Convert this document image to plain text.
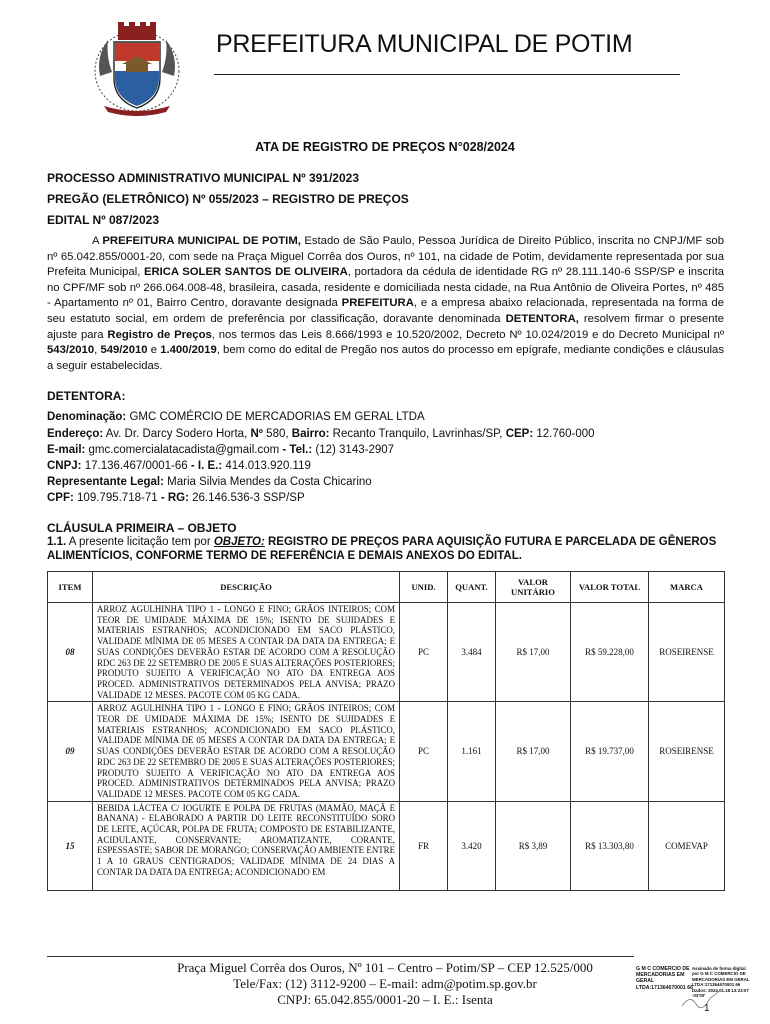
PREFEITURA MUNICIPAL DE POTIM
ATA DE REGISTRO DE PREÇOS N°028/2024
PROCESSO ADMINISTRATIVO MUNICIPAL Nº 391/2023
PREGÃO (ELETRÔNICO) Nº 055/2023 – REGISTRO DE PREÇOS
EDITAL Nº 087/2023
A PREFEITURA MUNICIPAL DE POTIM, Estado de São Paulo, Pessoa Jurídica de Direito Público, inscrita no CNPJ/MF sob nº 65.042.855/0001-20, com sede na Praça Miguel Corrêa dos Ouros, nº 101, na cidade de Potim, devidamente representada por sua Prefeita Municipal, ERICA SOLER SANTOS DE OLIVEIRA, portadora da cédula de identidade RG nº 28.111.140-6 SSP/SP e inscrita no CPF/MF sob nº 266.064.008-48, brasileira, casada, residente e domiciliada nesta cidade, na Rua Antônio de Oliveira Portes, nº 485 - Apartamento nº 01, Bairro Centro, doravante designada PREFEITURA, e a empresa abaixo relacionada, representada na forma de seu estatuto social, em ordem de preferência por classificação, doravante denominada DETENTORA, resolvem firmar o presente ajuste para Registro de Preços, nos termos das Leis 8.666/1993 e 10.520/2002, Decreto Nº 10.024/2019 e do Decreto Municipal nº 543/2010, 549/2010 e 1.400/2019, bem como do edital de Pregão nos autos do processo em epígrafe, mediante condições e cláusulas a seguir estabelecidas.
DETENTORA:
Denominação: GMC COMÉRCIO DE MERCADORIAS EM GERAL LTDA
Endereço: Av. Dr. Darcy Sodero Horta, Nº 580, Bairro: Recanto Tranquilo, Lavrinhas/SP, CEP: 12.760-000
E-mail: gmc.comercialatacadista@gmail.com - Tel.: (12) 3143-2907
CNPJ: 17.136.467/0001-66 - I. E.: 414.013.920.119
Representante Legal: Maria Silvia Mendes da Costa Chicarino
CPF: 109.795.718-71 - RG: 26.146.536-3 SSP/SP
CLÁUSULA PRIMEIRA – OBJETO
1.1. A presente licitação tem por OBJETO: REGISTRO DE PREÇOS PARA AQUISIÇÃO FUTURA E PARCELADA DE GÊNEROS ALIMENTÍCIOS, CONFORME TERMO DE REFERÊNCIA E DEMAIS ANEXOS DO EDITAL.
ITEM	DESCRIÇÃO	UNID.	QUANT.	VALOR UNITÁRIO	VALOR TOTAL	MARCA
08	ARROZ AGULHINHA TIPO 1 - LONGO E FINO; GRÃOS INTEIROS; COM TEOR DE UMIDADE MÁXIMA DE 15%; ISENTO DE SUJIDADES E MATERIAIS ESTRANHOS; ACONDICIONADO EM SACO PLÁSTICO, VALIDADE MÍNIMA DE 05 MESES A CONTAR DA DATA DA ENTREGA; E SUAS CONDIÇÕES DEVERÃO ESTAR DE ACORDO COM A RESOLUÇÃO RDC 263 DE 22 SETEMBRO DE 2005 E SUAS ALTERAÇÕES POSTERIORES; PRODUTO SUJEITO A VERIFICAÇÃO NO ATO DA ENTREGA AOS PROCED. ADMINISTRATIVOS DETERMINADOS PELA ANVISA; PRAZO VALIDADE 12 MESES. PACOTE COM 05 KG CADA.	PC	3.484	R$ 17,00	R$ 59.228,00	ROSEIRENSE
09	ARROZ AGULHINHA TIPO 1 - LONGO E FINO; GRÃOS INTEIROS; COM TEOR DE UMIDADE MÁXIMA DE 15%; ISENTO DE SUJIDADES E MATERIAIS ESTRANHOS; ACONDICIONADO EM SACO PLÁSTICO, VALIDADE MÍNIMA DE 05 MESES A CONTAR DA DATA DA ENTREGA; E SUAS CONDIÇÕES DEVERÃO ESTAR DE ACORDO COM A RESOLUÇÃO RDC 263 DE 22 SETEMBRO DE 2005 E SUAS ALTERAÇÕES POSTERIORES; PRODUTO SUJEITO A VERIFICAÇÃO NO ATO DA ENTREGA AOS PROCED. ADMINISTRATIVOS DETERMINADOS PELA ANVISA; PRAZO VALIDADE 12 MESES. PACOTE COM 05 KG CADA.	PC	1.161	R$ 17,00	R$ 19.737,00	ROSEIRENSE
15	BEBIDA LÁCTEA C/ IOGURTE E POLPA DE FRUTAS (MAMÃO, MAÇÃ E BANANA) - ELABORADO A PARTIR DO LEITE RECONSTITUÍDO SORO DE LEITE, AÇÚCAR, POLPA DE FRUTA; COMPOSTO DE ESTABILIZANTE, ACIDULANTE, CONSERVANTE; AROMATIZANTE, CORANTE, ESPESSASTE; SABOR DE MORANGO; CONSERVAÇÃO AMBIENTE ENTRE 1 A 10 GRAUS CENTIGRADOS; VALIDADE MÍNIMA DE 24 DIAS A CONTAR DA DATA DA ENTREGA; ACONDICIONADO EM	FR	3.420	R$ 3,89	R$ 13.303,80	COMEVAP
Praça Miguel Corrêa dos Ouros, Nº 101 – Centro – Potim/SP – CEP 12.525/000
Tele/Fax: (12) 3112-9200 – E-mail: adm@potim.sp.gov.br
CNPJ: 65.042.855/0001-20 – I. E.: Isenta
G M C COMERCIO DE MERCADORIAS EM GERAL LTDA:171364670001 66
Assinado de forma digital por G M C COMERCIO DE MERCADORIAS EM GERAL LTDA:171364670001 66 Dados: 2024.01.18 13:23:07 -03'00'
1
